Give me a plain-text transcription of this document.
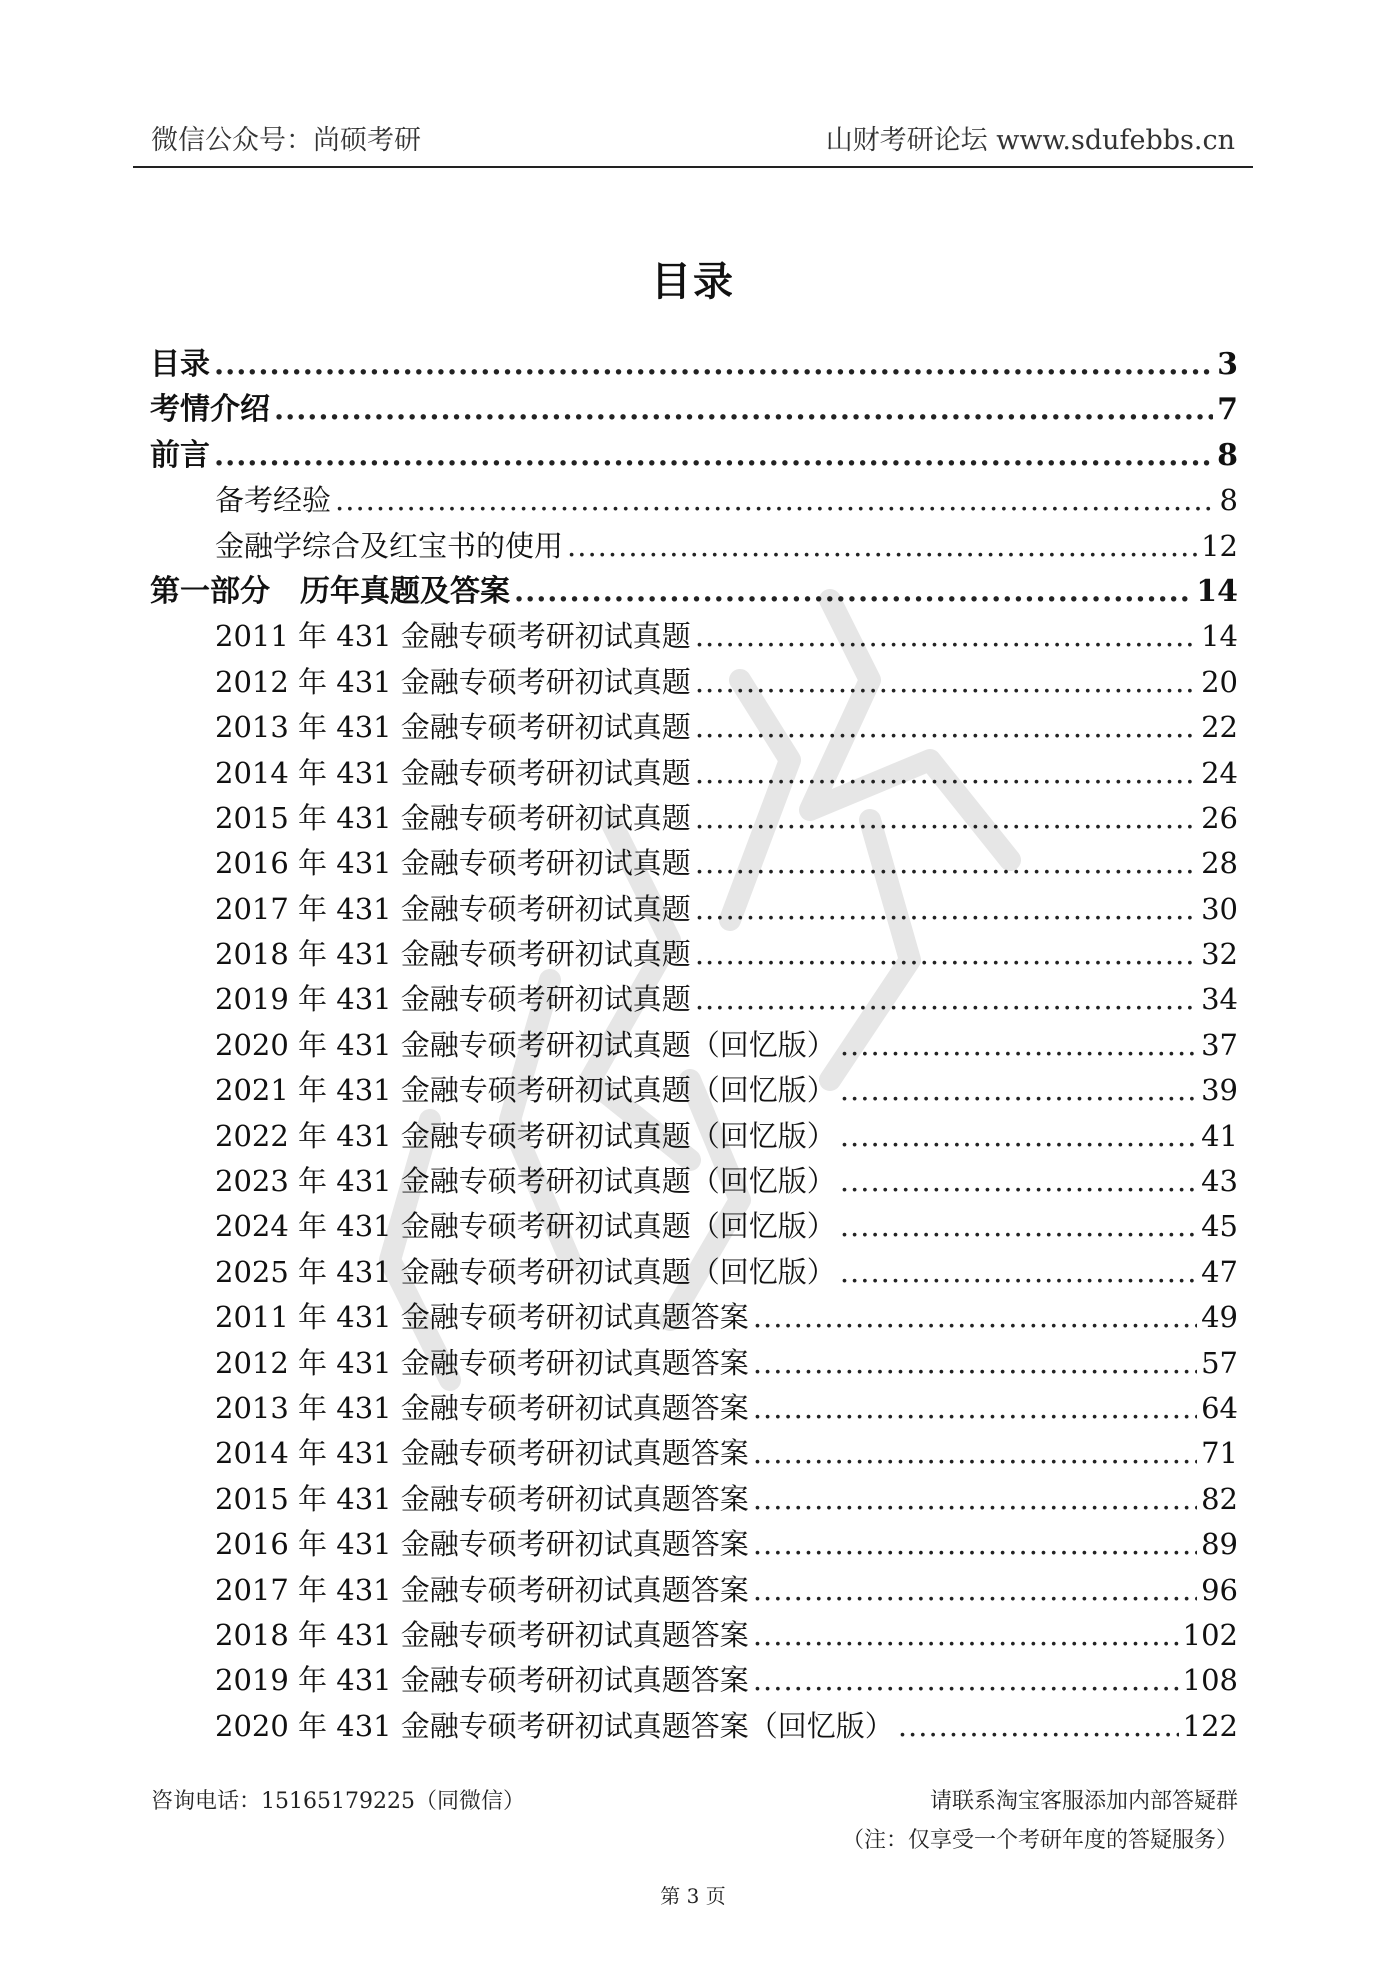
微信公众号：尚硕考研	山财考研论坛 www.sdufebbs.cn
目录
目录 .....	3
考情介绍 .....	7
前言 .....	8
备考经验 .....	8
金融学综合及红宝书的使用 .....	12
第一部分　历年真题及答案 .....	14
2011 年 431 金融专硕考研初试真题 .....	14
2012 年 431 金融专硕考研初试真题 .....	20
2013 年 431 金融专硕考研初试真题 .....	22
2014 年 431 金融专硕考研初试真题 .....	24
2015 年 431 金融专硕考研初试真题 .....	26
2016 年 431 金融专硕考研初试真题 .....	28
2017 年 431 金融专硕考研初试真题 .....	30
2018 年 431 金融专硕考研初试真题 .....	32
2019 年 431 金融专硕考研初试真题 .....	34
2020 年 431 金融专硕考研初试真题（回忆版） .....	37
2021 年 431 金融专硕考研初试真题（回忆版） .....	39
2022 年 431 金融专硕考研初试真题（回忆版） .....	41
2023 年 431 金融专硕考研初试真题（回忆版） .....	43
2024 年 431 金融专硕考研初试真题（回忆版） .....	45
2025 年 431 金融专硕考研初试真题（回忆版） .....	47
2011 年 431 金融专硕考研初试真题答案 .....	49
2012 年 431 金融专硕考研初试真题答案 .....	57
2013 年 431 金融专硕考研初试真题答案 .....	64
2014 年 431 金融专硕考研初试真题答案 .....	71
2015 年 431 金融专硕考研初试真题答案 .....	82
2016 年 431 金融专硕考研初试真题答案 .....	89
2017 年 431 金融专硕考研初试真题答案 .....	96
2018 年 431 金融专硕考研初试真题答案 .....	102
2019 年 431 金融专硕考研初试真题答案 .....	108
2020 年 431 金融专硕考研初试真题答案（回忆版） .....	122
咨询电话：15165179225（同微信）	请联系淘宝客服添加内部答疑群
（注：仅享受一个考研年度的答疑服务）
第 3 页
